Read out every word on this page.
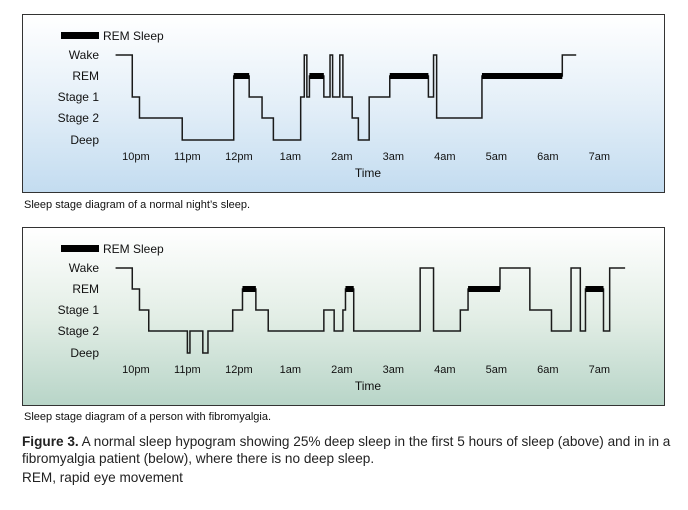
REM Sleep
Wake
REM
Stage 1
Stage 2
Deep
10pm 11pm 12pm 1am	2am	3am	4am	5am	6am	7am
Time
Sleep stage diagram of a normal night’s sleep.
REM Sleep
Wake
REM
Stage 1
Stage 2
Deep
10pm 11pm 12pm 1am	2am	3am	4am	5am	6am	7am
Time
Sleep stage diagram of a person with fibromyalgia.
Figure 3. A normal sleep hypogram showing 25% deep sleep in the first 5 hours of sleep (above) and in in a fibromyalgia patient (below), where there is no deep sleep.
REM, rapid eye movement
